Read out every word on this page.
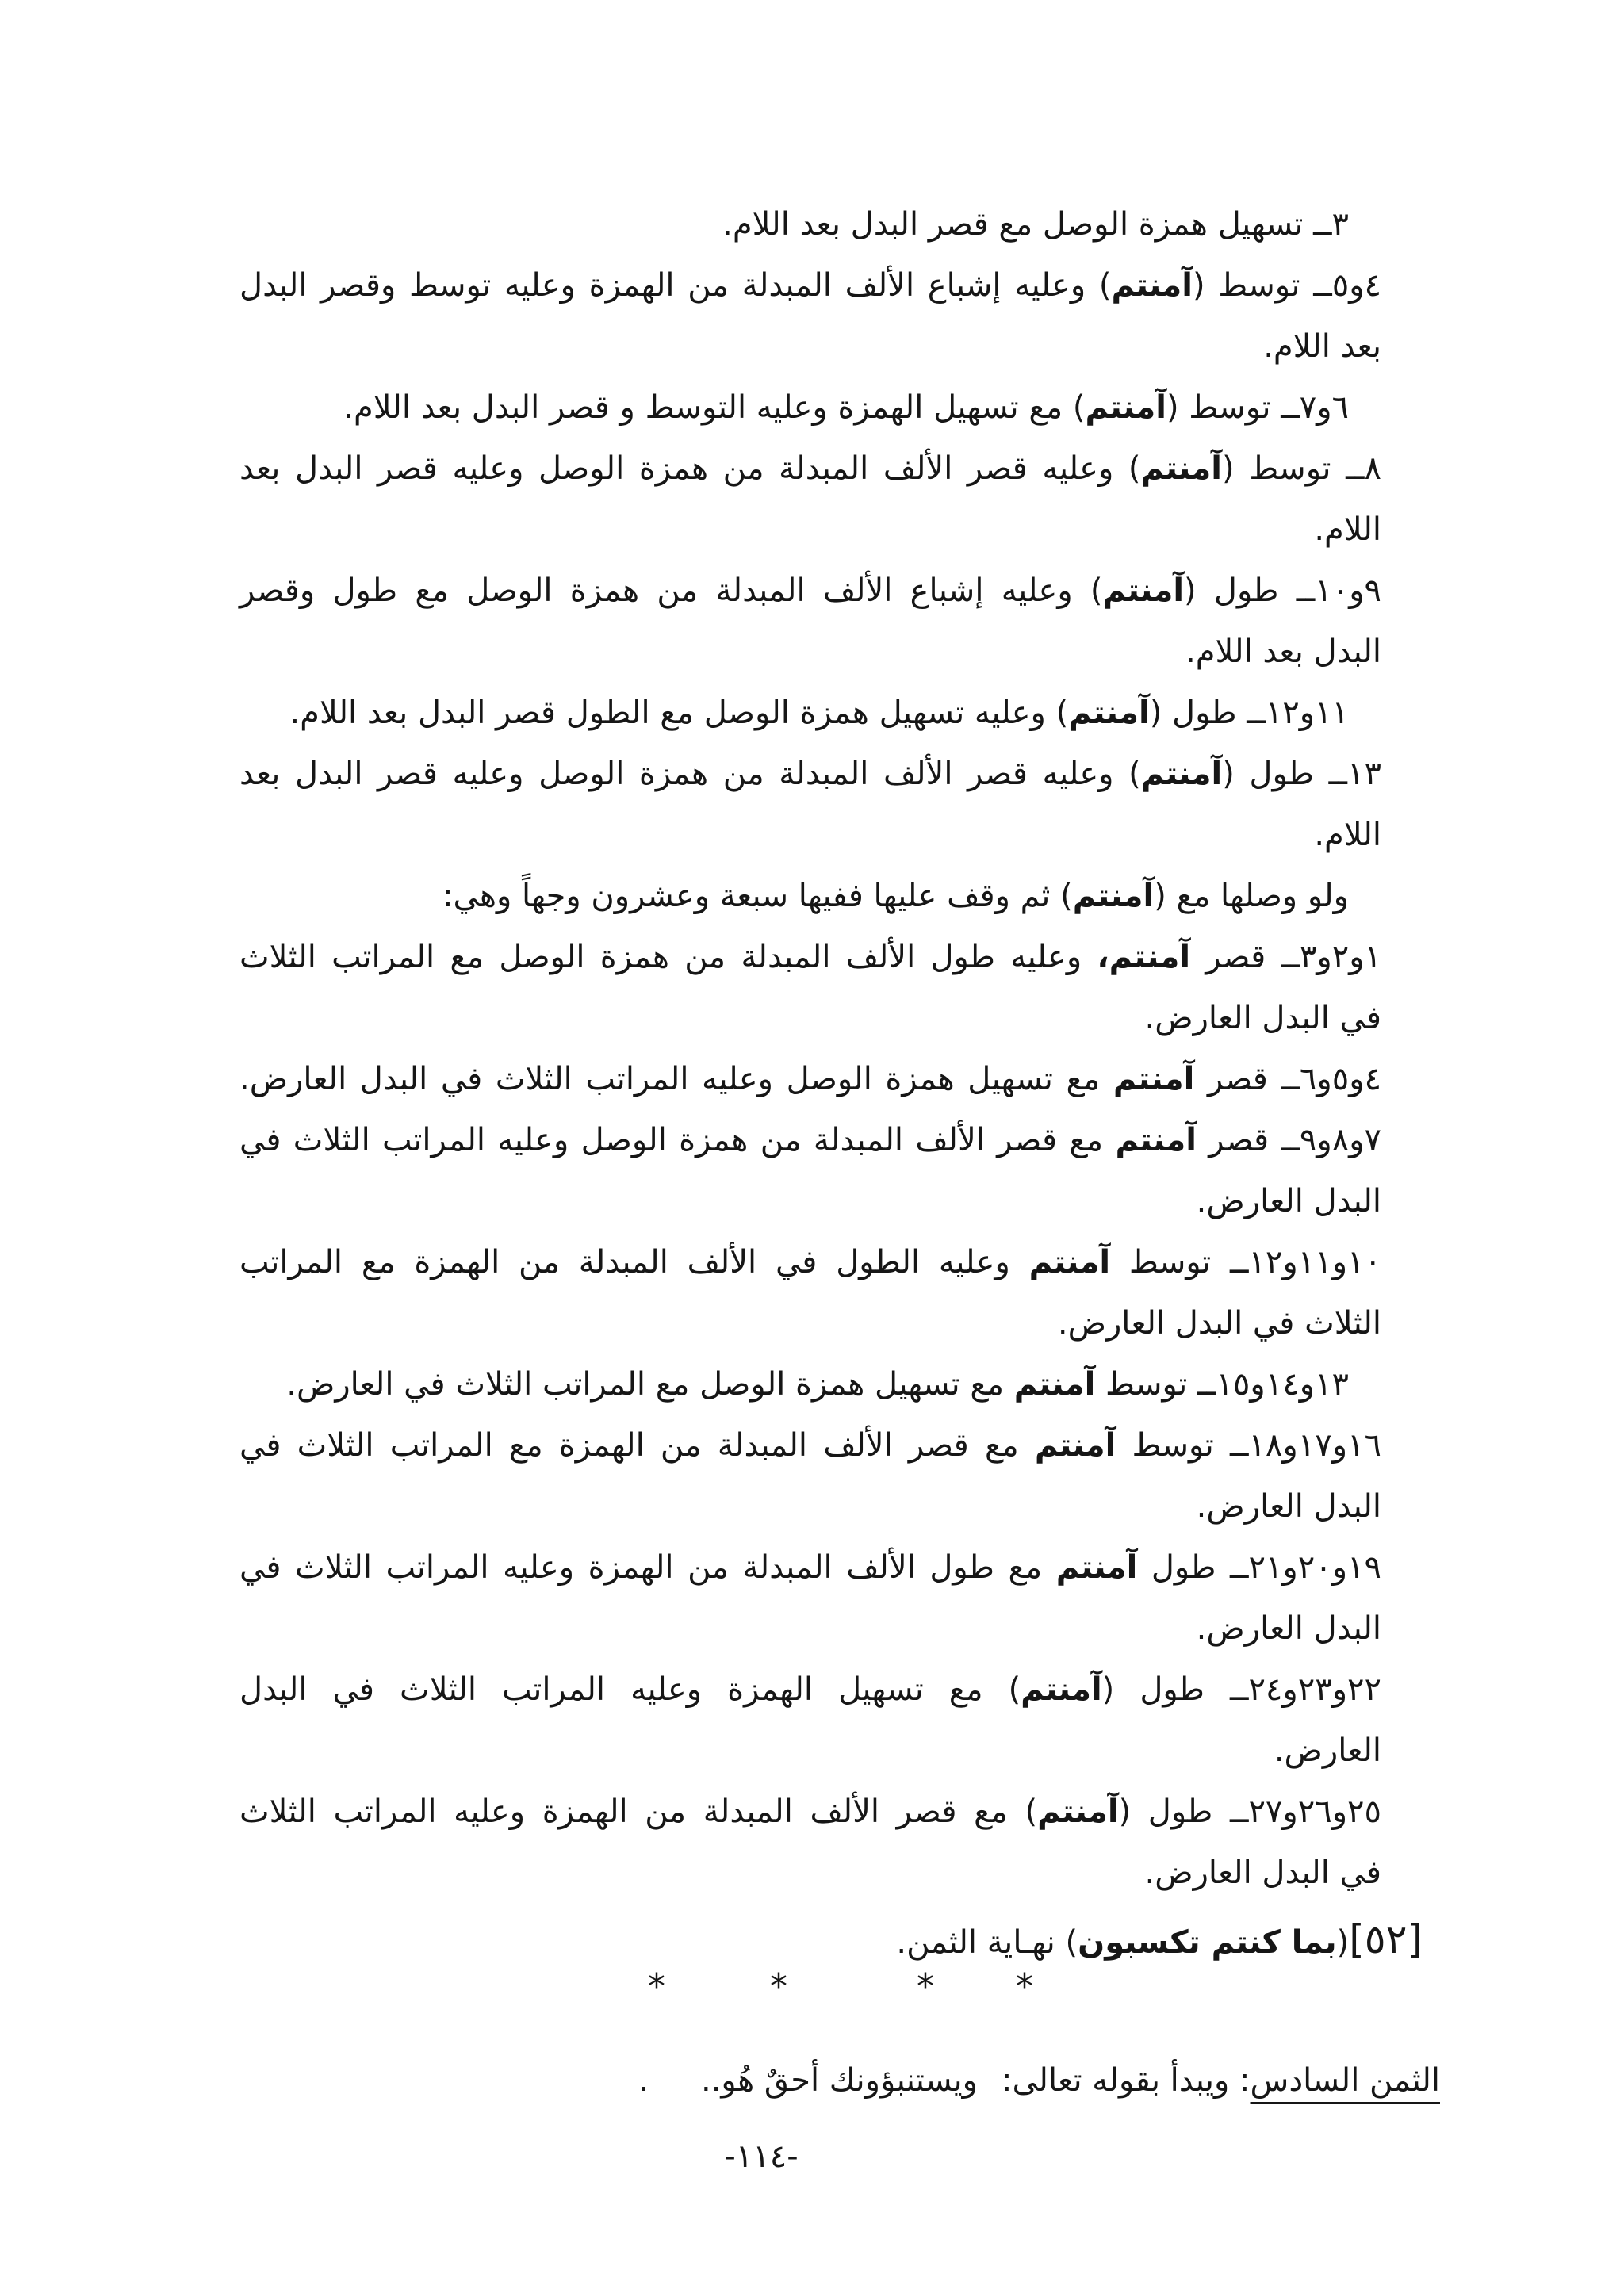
٣ــ تسهيل همزة الوصل مع قصر البدل بعد اللام.
٤و٥ــ توسط (آمنتم) وعليه إشباع الألف المبدلة من الهمزة وعليه توسط وقصر البدل
بعد اللام.
٦و٧ــ توسط (آمنتم) مع تسهيل الهمزة وعليه التوسط و قصر البدل بعد اللام.
٨ــ توسط (آمنتم) وعليه قصر الألف المبدلة من همزة الوصل وعليه قصر البدل بعد
اللام.
٩و١٠ــ طول (آمنتم) وعليه إشباع الألف المبدلة من همزة الوصل مع طول وقصر
البدل بعد اللام.
١١و١٢ــ طول (آمنتم) وعليه تسهيل همزة الوصل مع الطول قصر البدل بعد اللام.
١٣ــ طول (آمنتم) وعليه قصر الألف المبدلة من همزة الوصل وعليه قصر البدل بعد
اللام.
ولو وصلها مع (آمنتم) ثم وقف عليها ففيها سبعة وعشرون وجهاً وهي:
١و٢و٣ــ قصر آمنتم، وعليه طول الألف المبدلة من همزة الوصل مع المراتب الثلاث
في البدل العارض.
٤و٥و٦ــ قصر آمنتم مع تسهيل همزة الوصل وعليه المراتب الثلاث في البدل العارض.
٧و٨و٩ــ قصر آمنتم مع قصر الألف المبدلة من همزة الوصل وعليه المراتب الثلاث في
البدل العارض.
١٠و١١و١٢ــ توسط آمنتم وعليه الطول في الألف المبدلة من الهمزة مع المراتب
الثلاث في البدل العارض.
١٣و١٤و١٥ــ توسط آمنتم مع تسهيل همزة الوصل مع المراتب الثلاث في العارض.
١٦و١٧و١٨ــ توسط آمنتم مع قصر الألف المبدلة من الهمزة مع المراتب الثلاث في
البدل العارض.
١٩و٢٠و٢١ــ طول آمنتم مع طول الألف المبدلة من الهمزة وعليه المراتب الثلاث في
البدل العارض.
٢٢و٢٣و٢٤ــ طول (آمنتم) مع تسهيل الهمزة وعليه المراتب الثلاث في البدل
العارض.
٢٥و٢٦و٢٧ــ طول (آمنتم) مع قصر الألف المبدلة من الهمزة وعليه المراتب الثلاث
في البدل العارض.
[٥٢](بما كنتم تكسبون) نهـاية الثمن.
*
*
*
*
الثمن السادس: ويبدأ بقوله تعالى:ويستنبؤونك أحقٌ هُو...
-١١٤-
